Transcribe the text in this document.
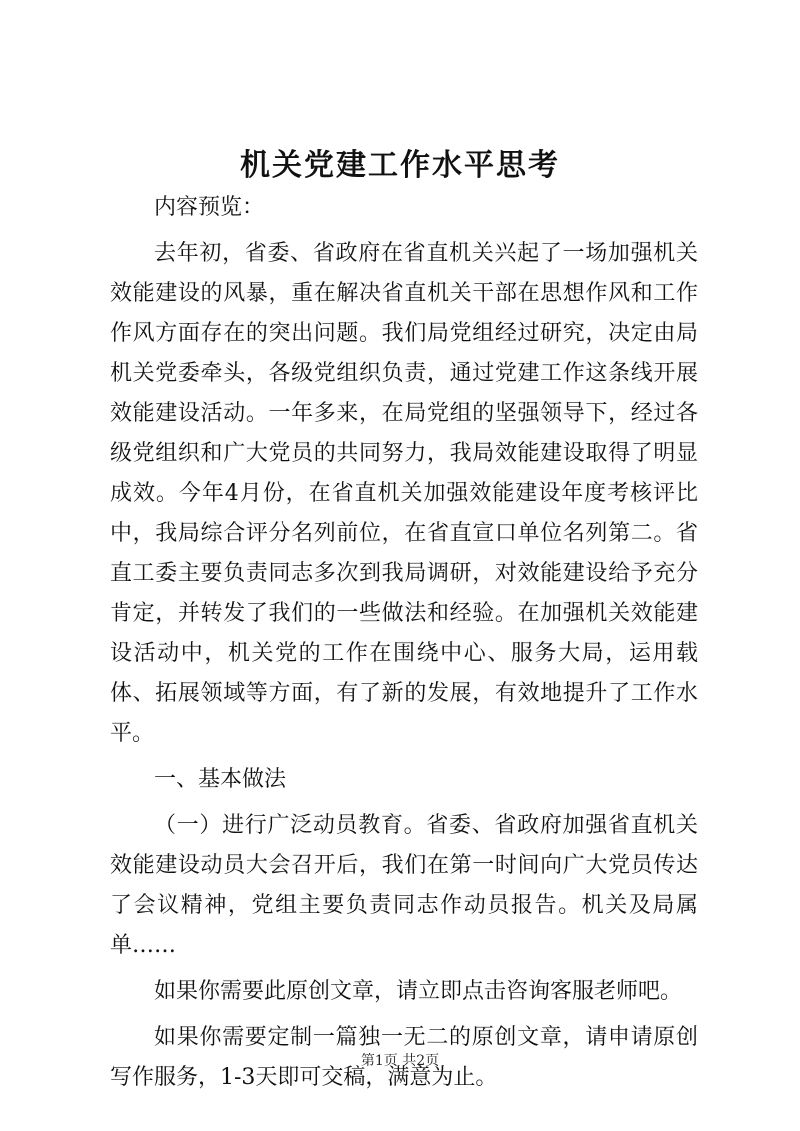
机关党建工作水平思考

内容预览：

去年初，省委、省政府在省直机关兴起了一场加强机关效能建设的风暴，重在解决省直机关干部在思想作风和工作作风方面存在的突出问题。我们局党组经过研究，决定由局机关党委牵头，各级党组织负责，通过党建工作这条线开展效能建设活动。一年多来，在局党组的坚强领导下，经过各级党组织和广大党员的共同努力，我局效能建设取得了明显成效。今年4月份，在省直机关加强效能建设年度考核评比中，我局综合评分名列前位，在省直宣口单位名列第二。省直工委主要负责同志多次到我局调研，对效能建设给予充分肯定，并转发了我们的一些做法和经验。在加强机关效能建设活动中，机关党的工作在围绕中心、服务大局，运用载体、拓展领域等方面，有了新的发展，有效地提升了工作水平。

一、基本做法

（一）进行广泛动员教育。省委、省政府加强省直机关效能建设动员大会召开后，我们在第一时间向广大党员传达了会议精神，党组主要负责同志作动员报告。机关及局属单……

如果你需要此原创文章，请立即点击咨询客服老师吧。

如果你需要定制一篇独一无二的原创文章，请申请原创写作服务，1-3天即可交稿，满意为止。

第1页 共2页
